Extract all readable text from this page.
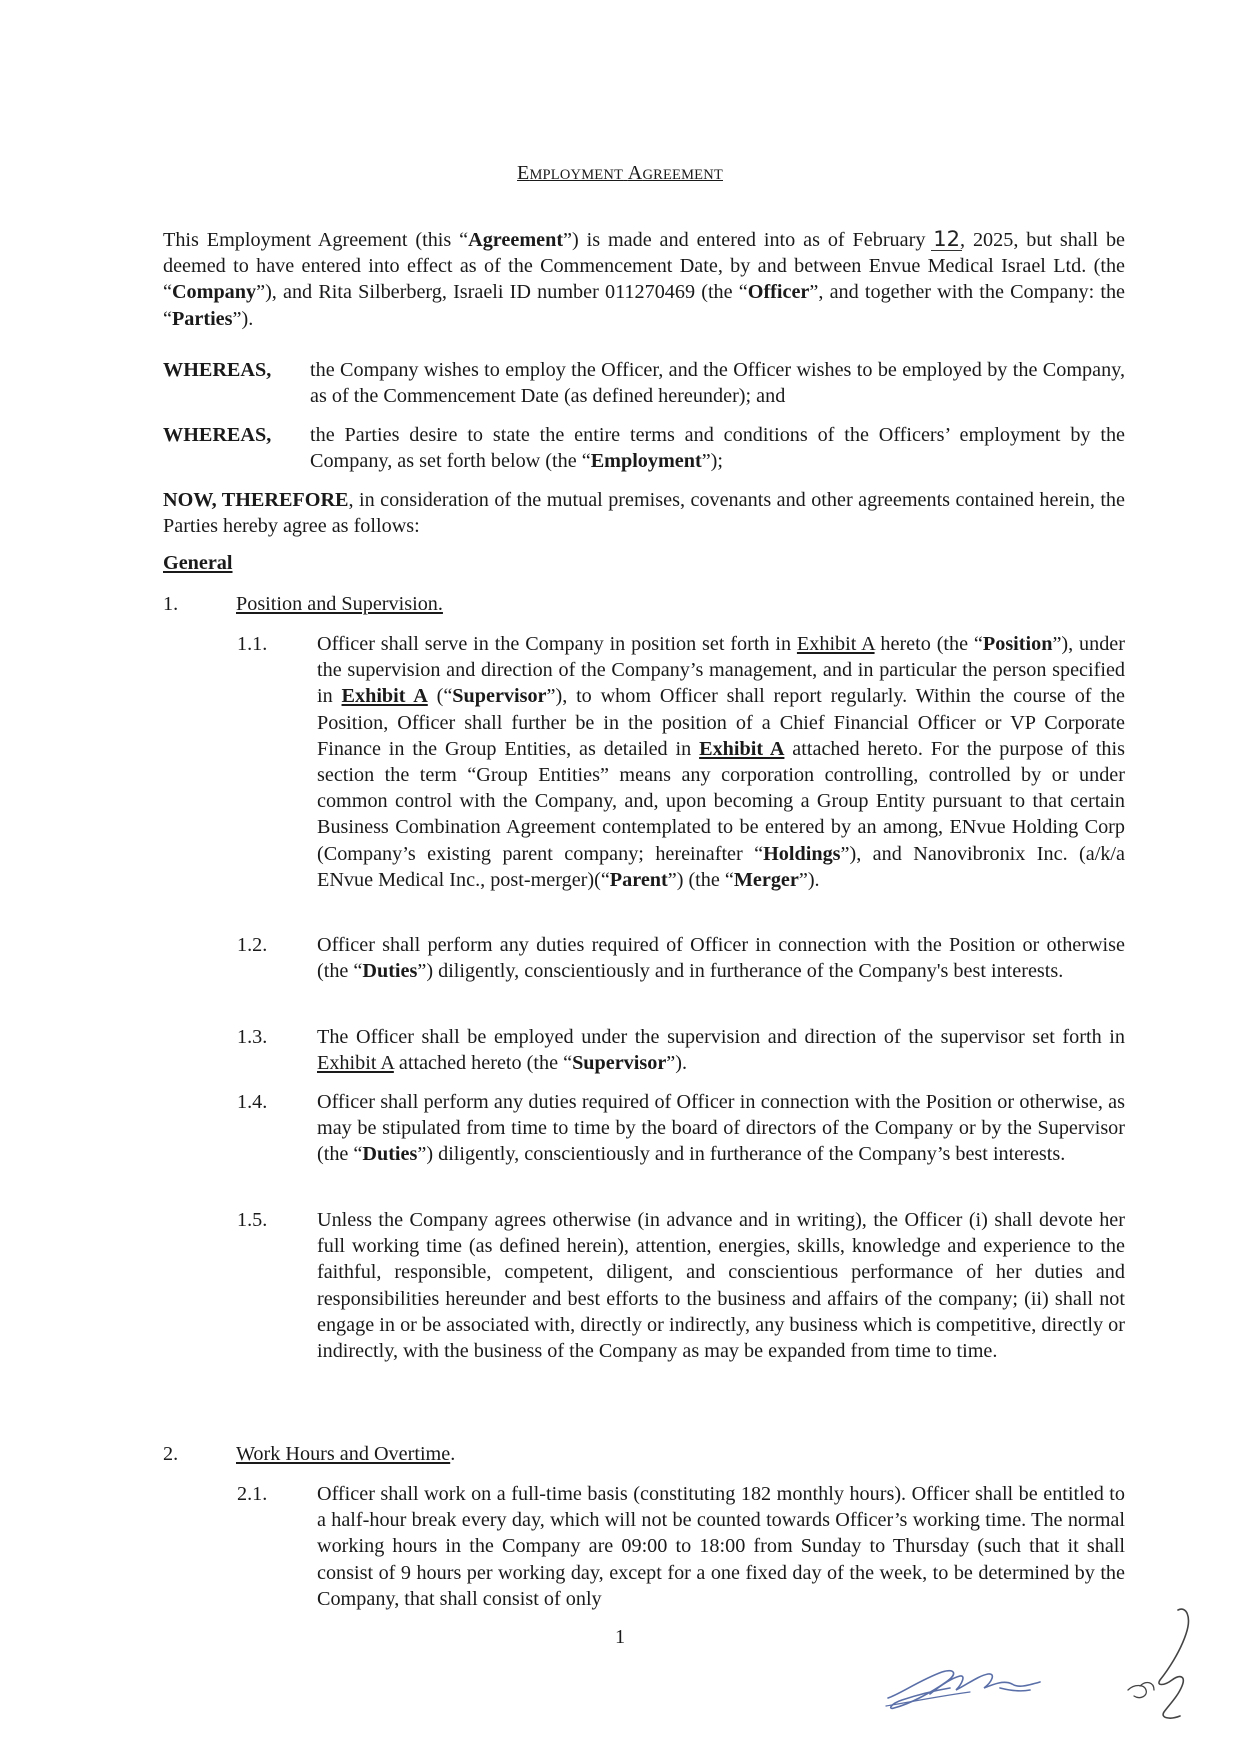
EMPLOYMENT AGREEMENT
This Employment Agreement (this “Agreement”) is made and entered into as of February 12, 2025, but shall be deemed to have entered into effect as of the Commencement Date, by and between Envue Medical Israel Ltd. (the “Company”), and Rita Silberberg, Israeli ID number 011270469 (the “Officer”, and together with the Company: the “Parties”).
WHEREAS, the Company wishes to employ the Officer, and the Officer wishes to be employed by the Company, as of the Commencement Date (as defined hereunder); and
WHEREAS, the Parties desire to state the entire terms and conditions of the Officers’ employment by the Company, as set forth below (the “Employment”);
NOW, THEREFORE, in consideration of the mutual premises, covenants and other agreements contained herein, the Parties hereby agree as follows:
General
1.	Position and Supervision.
1.1. Officer shall serve in the Company in position set forth in Exhibit A hereto (the “Position”), under the supervision and direction of the Company’s management, and in particular the person specified in Exhibit A (“Supervisor”), to whom Officer shall report regularly. Within the course of the Position, Officer shall further be in the position of a Chief Financial Officer or VP Corporate Finance in the Group Entities, as detailed in Exhibit A attached hereto. For the purpose of this section the term “Group Entities” means any corporation controlling, controlled by or under common control with the Company, and, upon becoming a Group Entity pursuant to that certain Business Combination Agreement contemplated to be entered by an among, ENvue Holding Corp (Company’s existing parent company; hereinafter “Holdings”), and Nanovibronix Inc. (a/k/a ENvue Medical Inc., post-merger)(“Parent”) (the “Merger”).
1.2. Officer shall perform any duties required of Officer in connection with the Position or otherwise (the “Duties”) diligently, conscientiously and in furtherance of the Company's best interests.
1.3. The Officer shall be employed under the supervision and direction of the supervisor set forth in Exhibit A attached hereto (the “Supervisor”).
1.4. Officer shall perform any duties required of Officer in connection with the Position or otherwise, as may be stipulated from time to time by the board of directors of the Company or by the Supervisor (the “Duties”) diligently, conscientiously and in furtherance of the Company’s best interests.
1.5. Unless the Company agrees otherwise (in advance and in writing), the Officer (i) shall devote her full working time (as defined herein), attention, energies, skills, knowledge and experience to the faithful, responsible, competent, diligent, and conscientious performance of her duties and responsibilities hereunder and best efforts to the business and affairs of the company; (ii) shall not engage in or be associated with, directly or indirectly, any business which is competitive, directly or indirectly, with the business of the Company as may be expanded from time to time.
2.	Work Hours and Overtime.
2.1. Officer shall work on a full-time basis (constituting 182 monthly hours). Officer shall be entitled to a half-hour break every day, which will not be counted towards Officer’s working time. The normal working hours in the Company are 09:00 to 18:00 from Sunday to Thursday (such that it shall consist of 9 hours per working day, except for a one fixed day of the week, to be determined by the Company, that shall consist of only
1
